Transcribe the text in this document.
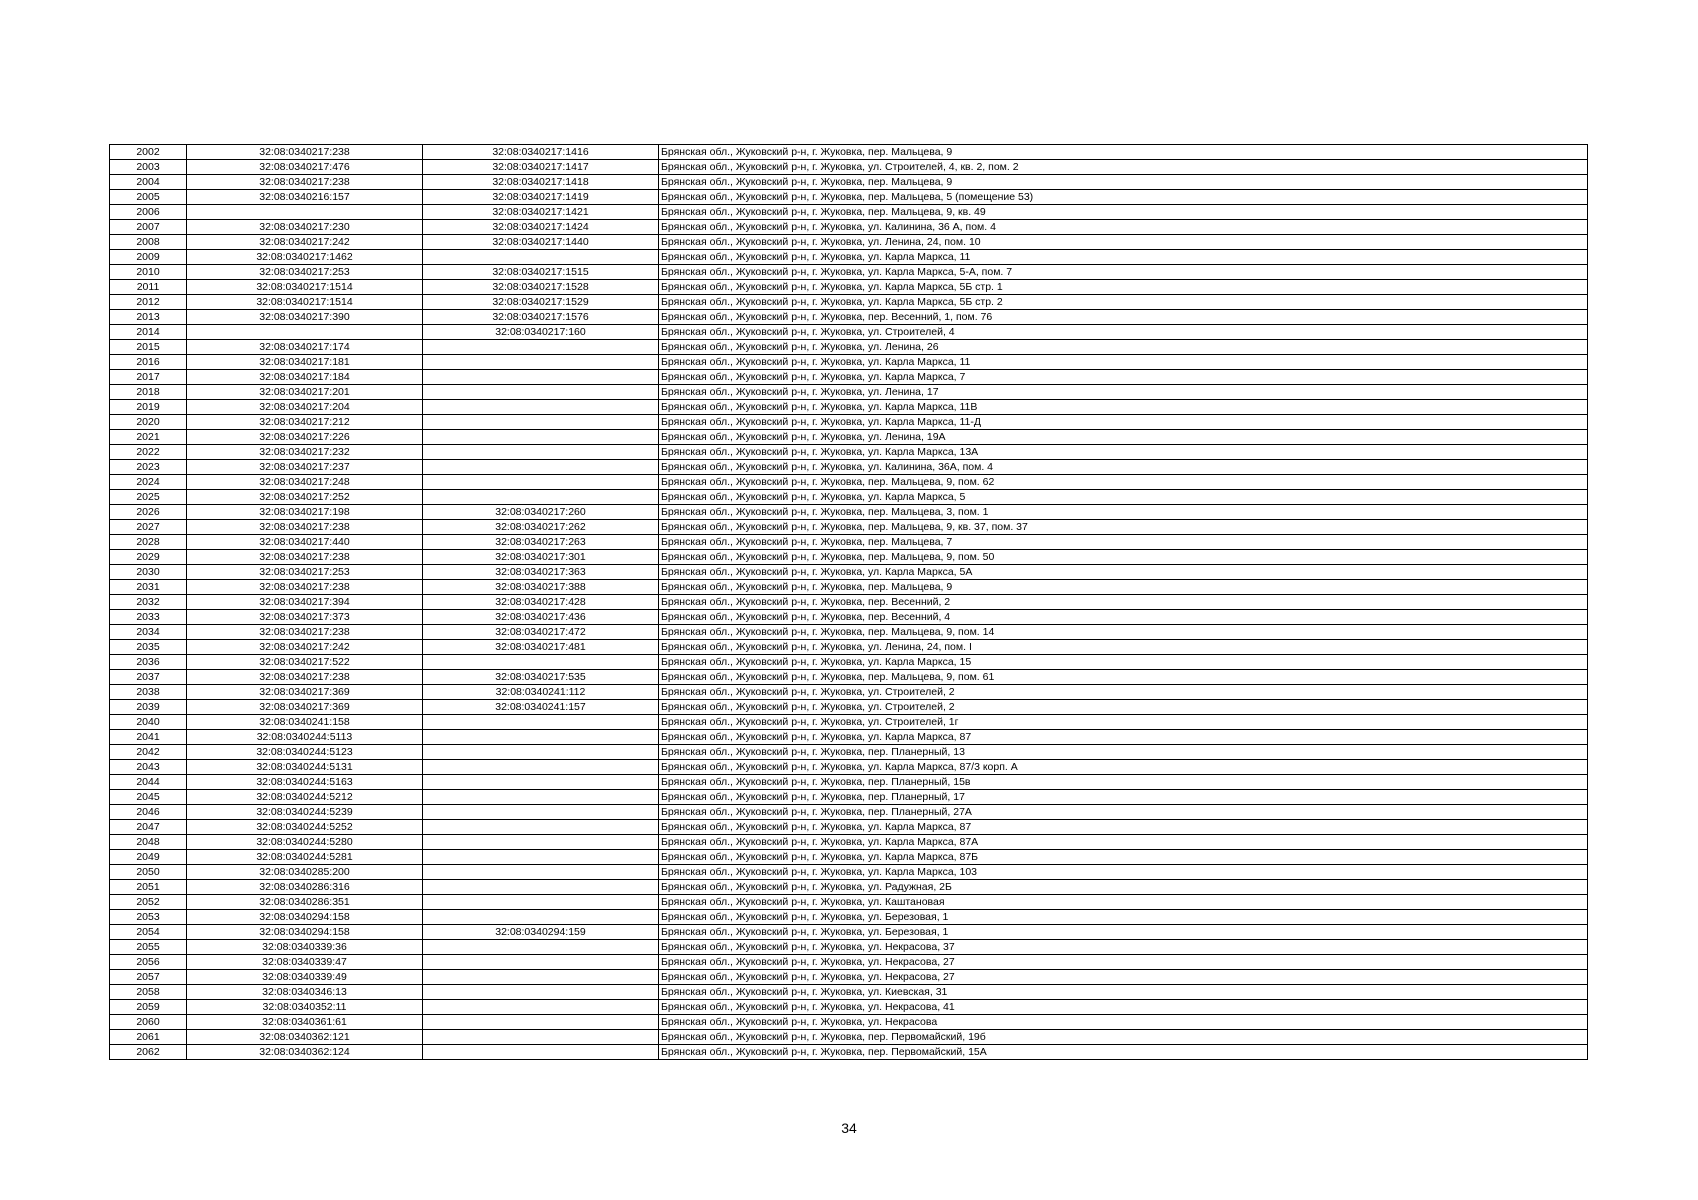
2002	32:08:0340217:238	32:08:0340217:1416	Брянская обл., Жуковский р-н, г. Жуковка, пер. Мальцева, 9
2003	32:08:0340217:476	32:08:0340217:1417	Брянская обл., Жуковский р-н, г. Жуковка, ул. Строителей, 4, кв. 2, пом. 2
2004	32:08:0340217:238	32:08:0340217:1418	Брянская обл., Жуковский р-н, г. Жуковка, пер. Мальцева, 9
2005	32:08:0340216:157	32:08:0340217:1419	Брянская обл., Жуковский р-н, г. Жуковка, пер. Мальцева, 5 (помещение 53)
2006		32:08:0340217:1421	Брянская обл., Жуковский р-н, г. Жуковка, пер. Мальцева, 9, кв. 49
2007	32:08:0340217:230	32:08:0340217:1424	Брянская обл., Жуковский р-н, г. Жуковка, ул. Калинина, 36 А, пом. 4
2008	32:08:0340217:242	32:08:0340217:1440	Брянская обл., Жуковский р-н, г. Жуковка, ул. Ленина, 24, пом. 10
2009	32:08:0340217:1462		Брянская обл., Жуковский р-н, г. Жуковка, ул. Карла Маркса, 11
2010	32:08:0340217:253	32:08:0340217:1515	Брянская обл., Жуковский р-н, г. Жуковка, ул. Карла Маркса, 5-А, пом. 7
2011	32:08:0340217:1514	32:08:0340217:1528	Брянская обл., Жуковский р-н, г. Жуковка, ул. Карла Маркса, 5Б стр. 1
2012	32:08:0340217:1514	32:08:0340217:1529	Брянская обл., Жуковский р-н, г. Жуковка, ул. Карла Маркса, 5Б стр. 2
2013	32:08:0340217:390	32:08:0340217:1576	Брянская обл., Жуковский р-н, г. Жуковка, пер. Весенний, 1, пом. 76
2014		32:08:0340217:160	Брянская обл., Жуковский р-н, г. Жуковка, ул. Строителей, 4
2015	32:08:0340217:174		Брянская обл., Жуковский р-н, г. Жуковка, ул. Ленина, 26
2016	32:08:0340217:181		Брянская обл., Жуковский р-н, г. Жуковка, ул. Карла Маркса, 11
2017	32:08:0340217:184		Брянская обл., Жуковский р-н, г. Жуковка, ул. Карла Маркса, 7
2018	32:08:0340217:201		Брянская обл., Жуковский р-н, г. Жуковка, ул. Ленина, 17
2019	32:08:0340217:204		Брянская обл., Жуковский р-н, г. Жуковка, ул. Карла Маркса, 11В
2020	32:08:0340217:212		Брянская обл., Жуковский р-н, г. Жуковка, ул. Карла Маркса, 11-Д
2021	32:08:0340217:226		Брянская обл., Жуковский р-н, г. Жуковка, ул. Ленина, 19А
2022	32:08:0340217:232		Брянская обл., Жуковский р-н, г. Жуковка, ул. Карла Маркса, 13А
2023	32:08:0340217:237		Брянская обл., Жуковский р-н, г. Жуковка, ул. Калинина, 36А, пом. 4
2024	32:08:0340217:248		Брянская обл., Жуковский р-н, г. Жуковка, пер. Мальцева, 9, пом. 62
2025	32:08:0340217:252		Брянская обл., Жуковский р-н, г. Жуковка, ул. Карла Маркса, 5
2026	32:08:0340217:198	32:08:0340217:260	Брянская обл., Жуковский р-н, г. Жуковка, пер. Мальцева, 3, пом. 1
2027	32:08:0340217:238	32:08:0340217:262	Брянская обл., Жуковский р-н, г. Жуковка, пер. Мальцева, 9, кв. 37, пом. 37
2028	32:08:0340217:440	32:08:0340217:263	Брянская обл., Жуковский р-н, г. Жуковка, пер. Мальцева, 7
2029	32:08:0340217:238	32:08:0340217:301	Брянская обл., Жуковский р-н, г. Жуковка, пер. Мальцева, 9, пом. 50
2030	32:08:0340217:253	32:08:0340217:363	Брянская обл., Жуковский р-н, г. Жуковка, ул. Карла Маркса, 5А
2031	32:08:0340217:238	32:08:0340217:388	Брянская обл., Жуковский р-н, г. Жуковка, пер. Мальцева, 9
2032	32:08:0340217:394	32:08:0340217:428	Брянская обл., Жуковский р-н, г. Жуковка, пер. Весенний, 2
2033	32:08:0340217:373	32:08:0340217:436	Брянская обл., Жуковский р-н, г. Жуковка, пер. Весенний, 4
2034	32:08:0340217:238	32:08:0340217:472	Брянская обл., Жуковский р-н, г. Жуковка, пер. Мальцева, 9, пом. 14
2035	32:08:0340217:242	32:08:0340217:481	Брянская обл., Жуковский р-н, г. Жуковка, ул. Ленина, 24, пом. I
2036	32:08:0340217:522		Брянская обл., Жуковский р-н, г. Жуковка, ул. Карла Маркса, 15
2037	32:08:0340217:238	32:08:0340217:535	Брянская обл., Жуковский р-н, г. Жуковка, пер. Мальцева, 9, пом. 61
2038	32:08:0340217:369	32:08:0340241:112	Брянская обл., Жуковский р-н, г. Жуковка, ул. Строителей, 2
2039	32:08:0340217:369	32:08:0340241:157	Брянская обл., Жуковский р-н, г. Жуковка, ул. Строителей, 2
2040	32:08:0340241:158		Брянская обл., Жуковский р-н, г. Жуковка, ул. Строителей, 1г
2041	32:08:0340244:5113		Брянская обл., Жуковский р-н, г. Жуковка, ул. Карла Маркса, 87
2042	32:08:0340244:5123		Брянская обл., Жуковский р-н, г. Жуковка, пер. Планерный, 13
2043	32:08:0340244:5131		Брянская обл., Жуковский р-н, г. Жуковка, ул. Карла Маркса, 87/3 корп. А
2044	32:08:0340244:5163		Брянская обл., Жуковский р-н, г. Жуковка, пер. Планерный, 15в
2045	32:08:0340244:5212		Брянская обл., Жуковский р-н, г. Жуковка, пер. Планерный, 17
2046	32:08:0340244:5239		Брянская обл., Жуковский р-н, г. Жуковка, пер. Планерный, 27А
2047	32:08:0340244:5252		Брянская обл., Жуковский р-н, г. Жуковка, ул. Карла Маркса, 87
2048	32:08:0340244:5280		Брянская обл., Жуковский р-н, г. Жуковка, ул. Карла Маркса, 87А
2049	32:08:0340244:5281		Брянская обл., Жуковский р-н, г. Жуковка, ул. Карла Маркса, 87Б
2050	32:08:0340285:200		Брянская обл., Жуковский р-н, г. Жуковка, ул. Карла Маркса, 103
2051	32:08:0340286:316		Брянская обл., Жуковский р-н, г. Жуковка, ул. Радужная, 2Б
2052	32:08:0340286:351		Брянская обл., Жуковский р-н, г. Жуковка, ул. Каштановая
2053	32:08:0340294:158		Брянская обл., Жуковский р-н, г. Жуковка, ул. Березовая, 1
2054	32:08:0340294:158	32:08:0340294:159	Брянская обл., Жуковский р-н, г. Жуковка, ул. Березовая, 1
2055	32:08:0340339:36		Брянская обл., Жуковский р-н, г. Жуковка, ул. Некрасова, 37
2056	32:08:0340339:47		Брянская обл., Жуковский р-н, г. Жуковка, ул. Некрасова, 27
2057	32:08:0340339:49		Брянская обл., Жуковский р-н, г. Жуковка, ул. Некрасова, 27
2058	32:08:0340346:13		Брянская обл., Жуковский р-н, г. Жуковка, ул. Киевская, 31
2059	32:08:0340352:11		Брянская обл., Жуковский р-н, г. Жуковка, ул. Некрасова, 41
2060	32:08:0340361:61		Брянская обл., Жуковский р-н, г. Жуковка, ул. Некрасова
2061	32:08:0340362:121		Брянская обл., Жуковский р-н, г. Жуковка, пер. Первомайский, 19б
2062	32:08:0340362:124		Брянская обл., Жуковский р-н, г. Жуковка, пер. Первомайский, 15А
34
